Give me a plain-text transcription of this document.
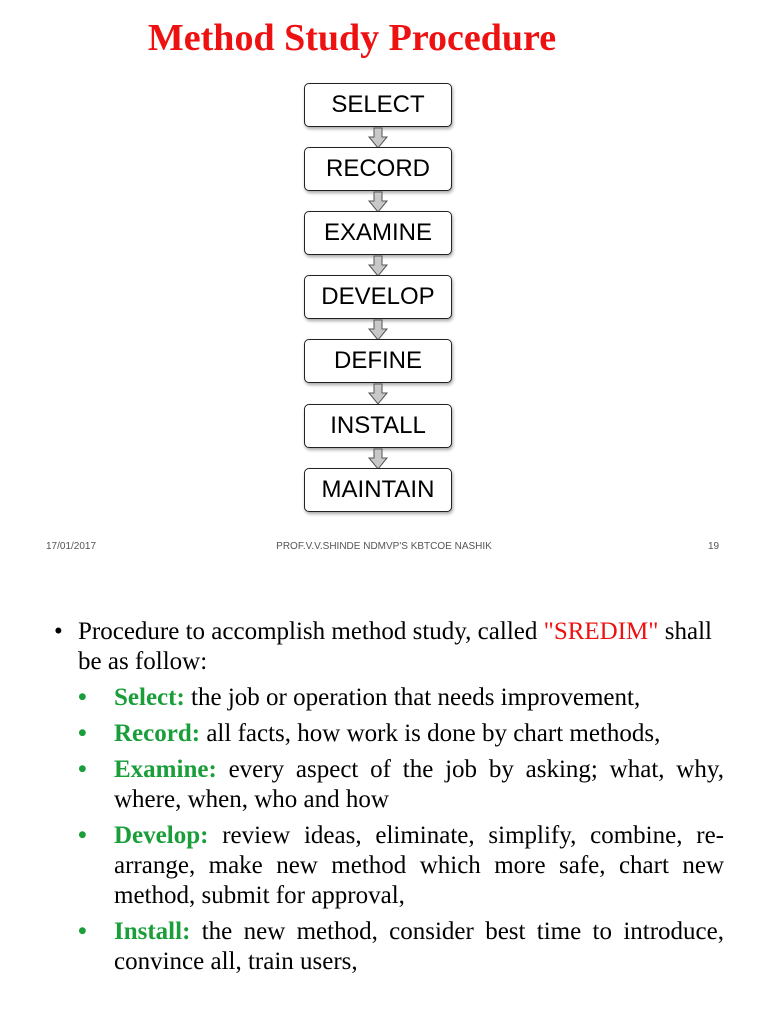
Method Study Procedure
SELECT
RECORD
EXAMINE
DEVELOP
DEFINE
INSTALL
MAINTAIN
17/01/2017	PROF.V.V.SHINDE NDMVP'S KBTCOE NASHIK	19
• Procedure to accomplish method study, called "SREDIM" shall be as follow:
• Select: the job or operation that needs improvement,
• Record: all facts, how work is done by chart methods,
• Examine: every aspect of the job by asking; what, why, where, when, who and how
• Develop: review ideas, eliminate, simplify, combine, re-arrange, make new method which more safe, chart new method, submit for approval,
• Install: the new method, consider best time to introduce, convince all, train users,
